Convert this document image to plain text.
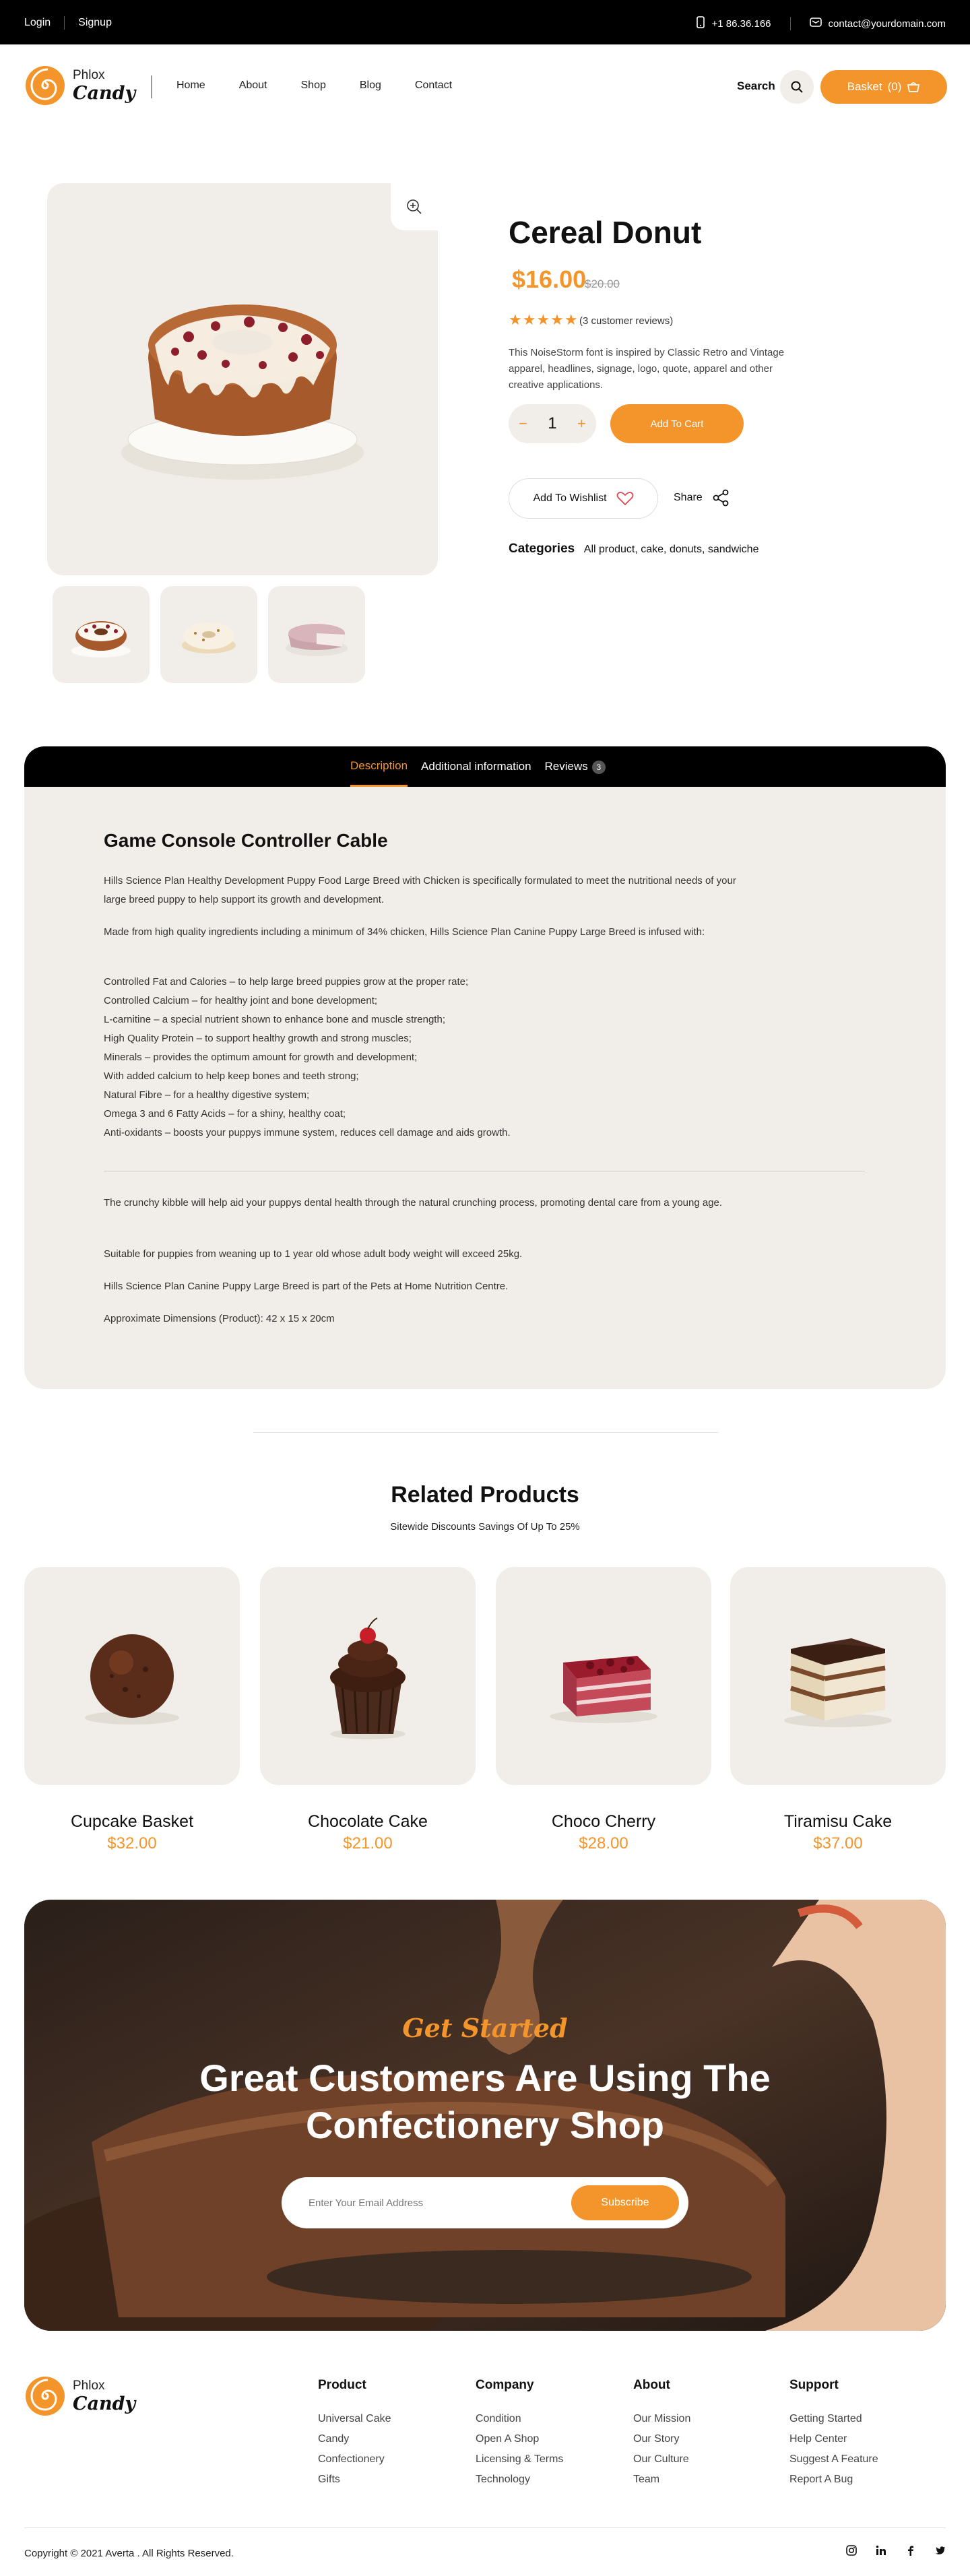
Login	Signup	+1 86.36.166	contact@yourdomain.com
Phlox
Candy	Home	About	Shop	Blog	Contact	Search	Basket (0)
Cereal Donut
$16.00
$20.00
★★★★★ (3 customer reviews)
This NoiseStorm font is inspired by Classic Retro and Vintage apparel, headlines, signage, logo, quote, apparel and other creative applications.
− 1 +	Add To Cart
Add To Wishlist	Share
Categories All product, cake, donuts, sandwiche
Description Additional information Reviews 3
Game Console Controller Cable
Hills Science Plan Healthy Development Puppy Food Large Breed with Chicken is specifically formulated to meet the nutritional needs of your large breed puppy to help support its growth and development.
Made from high quality ingredients including a minimum of 34% chicken, Hills Science Plan Canine Puppy Large Breed is infused with:
Controlled Fat and Calories – to help large breed puppies grow at the proper rate;
Controlled Calcium – for healthy joint and bone development;
L-carnitine – a special nutrient shown to enhance bone and muscle strength;
High Quality Protein – to support healthy growth and strong muscles;
Minerals – provides the optimum amount for growth and development;
With added calcium to help keep bones and teeth strong;
Natural Fibre – for a healthy digestive system;
Omega 3 and 6 Fatty Acids – for a shiny, healthy coat;
Anti-oxidants – boosts your puppys immune system, reduces cell damage and aids growth.
The crunchy kibble will help aid your puppys dental health through the natural crunching process, promoting dental care from a young age.
Suitable for puppies from weaning up to 1 year old whose adult body weight will exceed 25kg.
Hills Science Plan Canine Puppy Large Breed is part of the Pets at Home Nutrition Centre.
Approximate Dimensions (Product): 42 x 15 x 20cm
Related Products
Sitewide Discounts Savings Of Up To 25%
Cupcake Basket
$32.00
Chocolate Cake
$21.00
Choco Cherry
$28.00
Tiramisu Cake
$37.00
Get Started
Great Customers Are Using The
Confectionery Shop
Enter Your Email Address
Subscribe
Phlox
Candy
Product
Universal Cake
Candy
Confectionery
Gifts
Company
Condition
Open A Shop
Licensing & Terms
Technology
About
Our Mission
Our Story
Our Culture
Team
Support
Getting Started
Help Center
Suggest A Feature
Report A Bug
Copyright © 2021 Averta . All Rights Reserved.
